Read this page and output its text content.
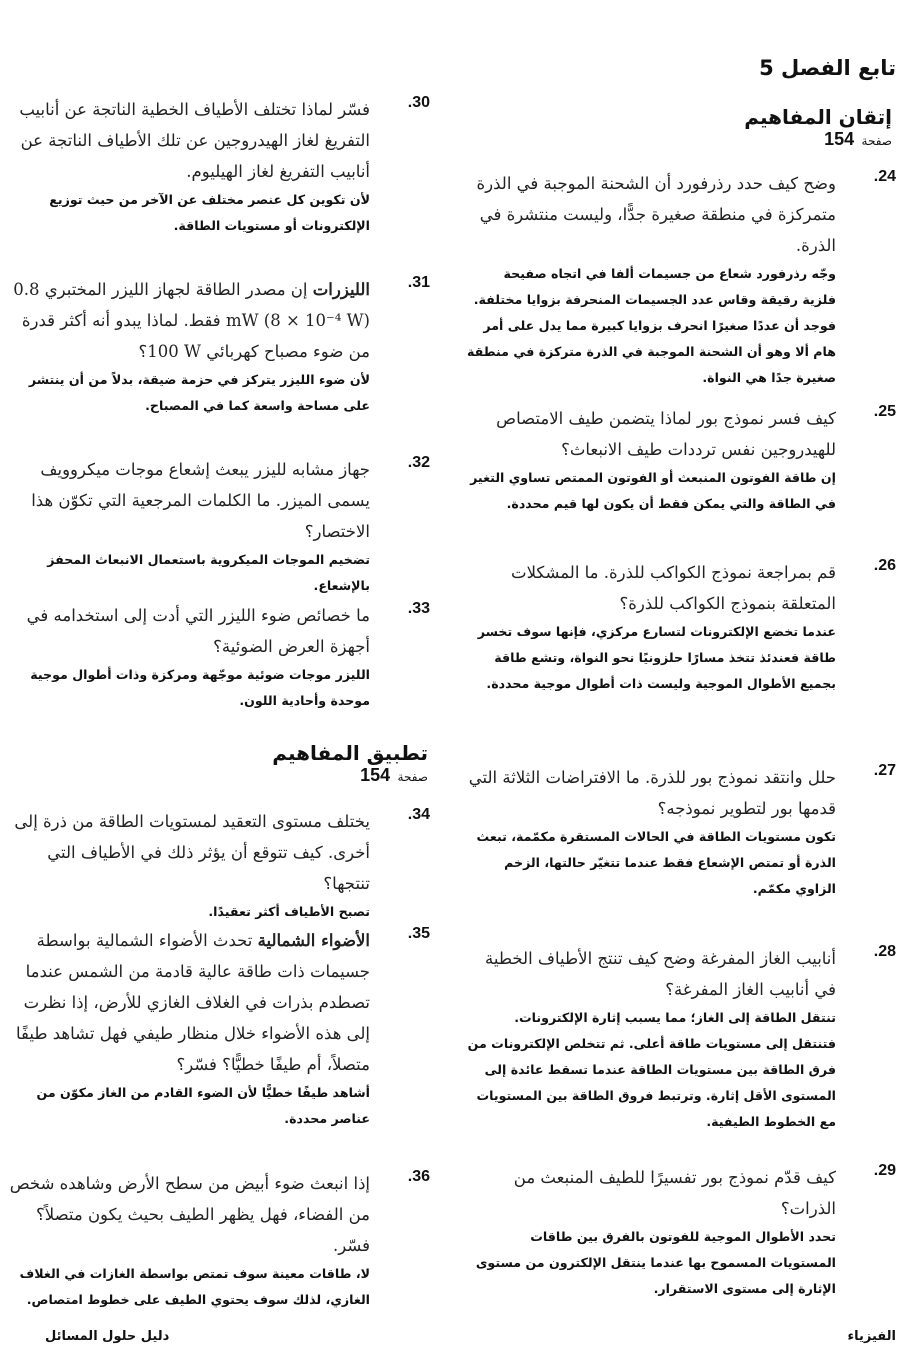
تابع الفصل 5
إتقان المفاهيم
صفحة 154
24.
وضح كيف حدد رذرفورد أن الشحنة الموجبة في الذرة متمركزة في منطقة صغيرة جدًّا، وليست منتشرة في الذرة.
وجّه رذرفورد شعاع من جسيمات ألفا في اتجاه صفيحة فلزية رقيقة وقاس عدد الجسيمات المنحرفة بزوايا مختلفة. فوجد أن عددًا صغيرًا انحرف بزوايا كبيرة مما يدل على أمر هام ألا وهو أن الشحنة الموجبة في الذرة متركزة في منطقة صغيرة جدًا هي النواة.
25.
كيف فسر نموذج بور لماذا يتضمن طيف الامتصاص للهيدروجين نفس ترددات طيف الانبعاث؟
إن طاقة الفوتون المنبعث أو الفوتون الممتص تساوي التغير في الطاقة والتي يمكن فقط أن يكون لها قيم محددة.
26.
قم بمراجعة نموذج الكواكب للذرة. ما المشكلات المتعلقة بنموذج الكواكب للذرة؟
عندما تخضع الإلكترونات لتسارع مركزي، فإنها سوف تخسر طاقة فعندئذ تتخذ مسارًا حلزونيًا نحو النواة، وتشع طاقة بجميع الأطوال الموجية وليست ذات أطوال موجية محددة.
27.
حلل وانتقد نموذج بور للذرة. ما الافتراضات الثلاثة التي قدمها بور لتطوير نموذجه؟
تكون مستويات الطاقة في الحالات المستقرة مكمّمة، تبعث الذرة أو تمتص الإشعاع فقط عندما تتغيّر حالتها، الزخم الزاوي مكمّم.
28.
أنابيب الغاز المفرغة وضح كيف تنتج الأطياف الخطية في أنابيب الغاز المفرغة؟
تنتقل الطاقة إلى الغاز؛ مما يسبب إثارة الإلكترونات. فتنتقل إلى مستويات طاقة أعلى. ثم تتخلص الإلكترونات من فرق الطاقة بين مستويات الطاقة عندما تسقط عائدة إلى المستوى الأقل إثارة. وترتبط فروق الطاقة بين المستويات مع الخطوط الطيفية.
29.
كيف قدّم نموذج بور تفسيرًا للطيف المنبعث من الذرات؟
تحدد الأطوال الموجية للفوتون بالفرق بين طاقات المستويات المسموح بها عندما ينتقل الإلكترون من مستوى الإثارة إلى مستوى الاستقرار.
30.
فسّر لماذا تختلف الأطياف الخطية الناتجة عن أنابيب التفريغ لغاز الهيدروجين عن تلك الأطياف الناتجة عن أنابيب التفريغ لغاز الهيليوم.
لأن تكوين كل عنصر مختلف عن الآخر من حيث توزيع الإلكترونات أو مستويات الطاقة.
31.
الليزرات إن مصدر الطاقة لجهاز الليزر المختبري ‎0.8 mW (8 × 10⁻⁴ W)‎ فقط. لماذا يبدو أنه أكثر قدرة من ضوء مصباح كهربائي ‎100 W‎؟
لأن ضوء الليزر يتركز في حزمة ضيقة، بدلاً من أن ينتشر على مساحة واسعة كما في المصباح.
32.
جهاز مشابه لليزر يبعث إشعاع موجات ميكروويف يسمى الميزر. ما الكلمات المرجعية التي تكوّن هذا الاختصار؟
تضخيم الموجات الميكروية باستعمال الانبعاث المحفز بالإشعاع.
33.
ما خصائص ضوء الليزر التي أدت إلى استخدامه في أجهزة العرض الضوئية؟
الليزر موجات ضوئية موجّهة ومركزة وذات أطوال موجية موحدة وأحادية اللون.
تطبيق المفاهيم
صفحة 154
34.
يختلف مستوى التعقيد لمستويات الطاقة من ذرة إلى أخرى. كيف تتوقع أن يؤثر ذلك في الأطياف التي تنتجها؟
تصبح الأطياف أكثر تعقيدًا.
35.
الأضواء الشمالية تحدث الأضواء الشمالية بواسطة جسيمات ذات طاقة عالية قادمة من الشمس عندما تصطدم بذرات في الغلاف الغازي للأرض، إذا نظرت إلى هذه الأضواء خلال منظار طيفي فهل تشاهد طيفًا متصلاً، أم طيفًا خطيًّا؟ فسّر؟
أشاهد طيفًا خطيًّا لأن الضوء القادم من الغاز مكوّن من عناصر محددة.
36.
إذا انبعث ضوء أبيض من سطح الأرض وشاهده شخص من الفضاء، فهل يظهر الطيف بحيث يكون متصلاً؟ فسّر.
لا، طاقات معينة سوف تمتص بواسطة الغازات في الغلاف الغازي، لذلك سوف يحتوي الطيف على خطوط امتصاص.
الفيزياء
دليل حلول المسائل
